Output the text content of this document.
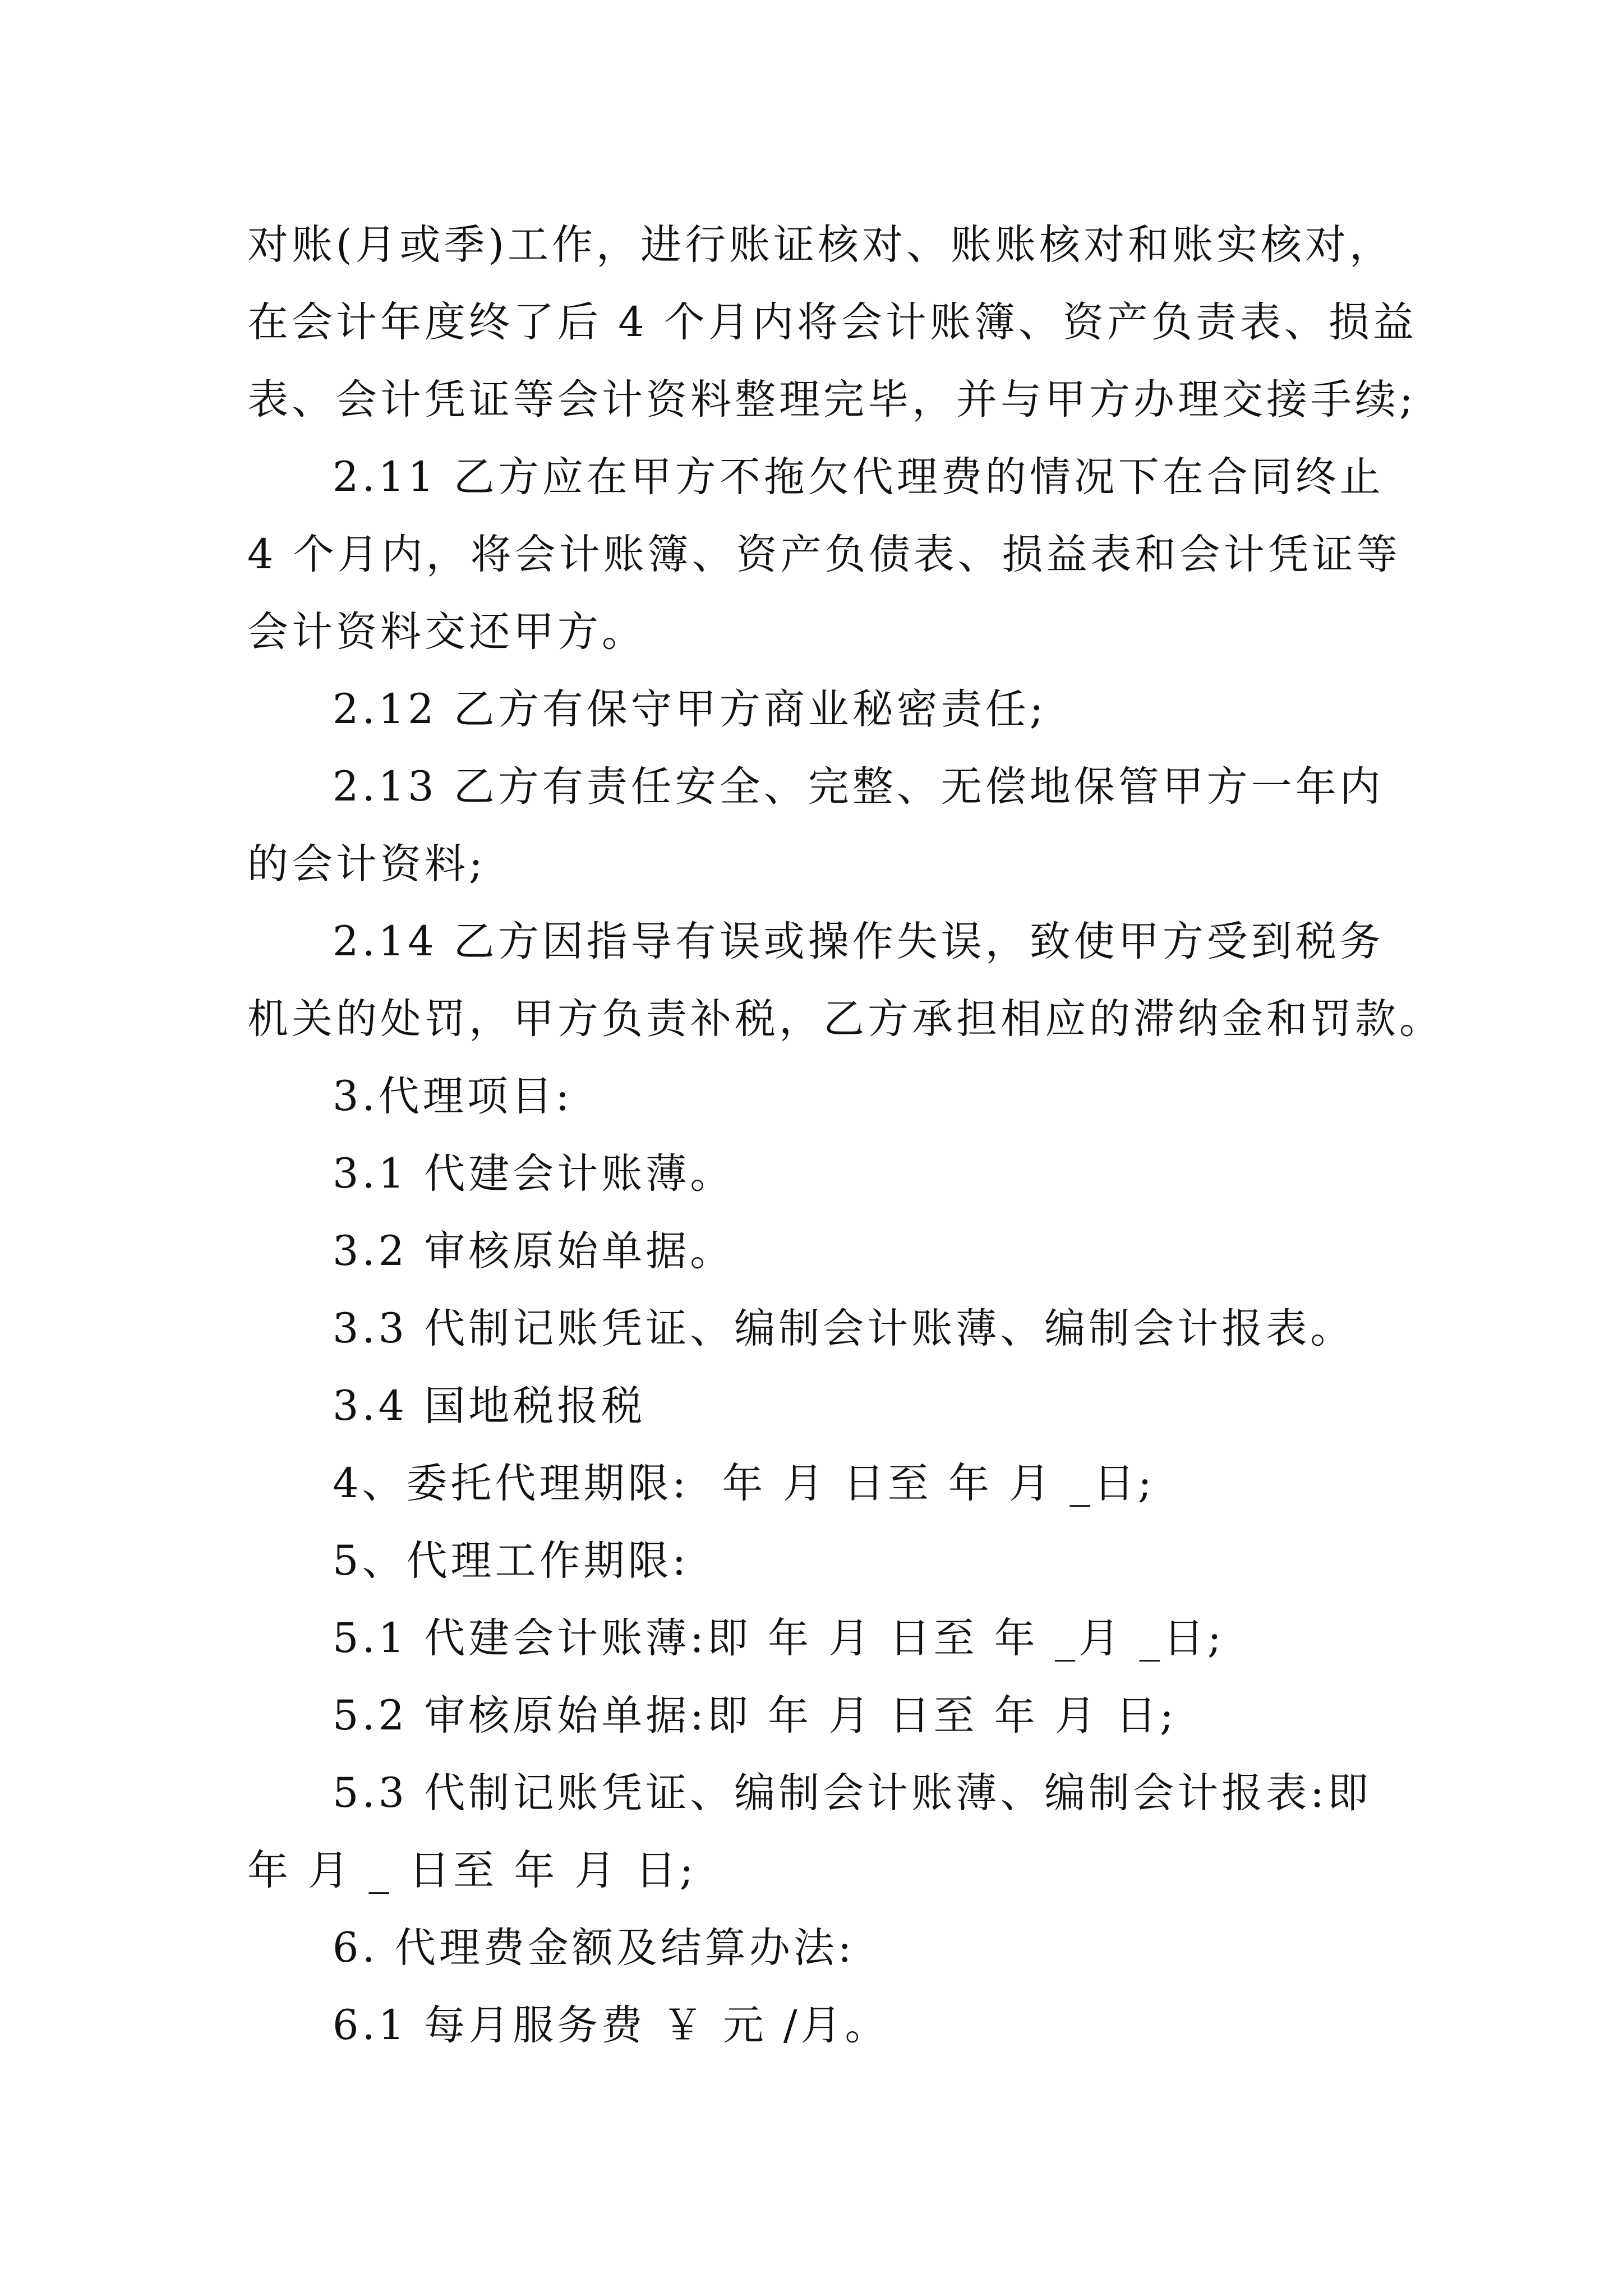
对账(月或季)工作，进行账证核对、账账核对和账实核对，
在会计年度终了后 4 个月内将会计账簿、资产负责表、损益
表、会计凭证等会计资料整理完毕，并与甲方办理交接手续;
2.11 乙方应在甲方不拖欠代理费的情况下在合同终止
4 个月内，将会计账簿、资产负债表、损益表和会计凭证等
会计资料交还甲方。
2.12 乙方有保守甲方商业秘密责任;
2.13 乙方有责任安全、完整、无偿地保管甲方一年内
的会计资料;
2.14 乙方因指导有误或操作失误，致使甲方受到税务
机关的处罚，甲方负责补税，乙方承担相应的滞纳金和罚款。
3.代理项目:
3.1 代建会计账薄。
3.2 审核原始单据。
3.3 代制记账凭证、编制会计账薄、编制会计报表。
3.4 国地税报税
4、委托代理期限:  年 月 日至 年 月 _日;
5、代理工作期限:
5.1 代建会计账薄:即 年 月 日至 年 _月 _日;
5.2 审核原始单据:即 年 月 日至 年 月 日;
5.3 代制记账凭证、编制会计账薄、编制会计报表:即
年 月 _ 日至 年 月 日;
6. 代理费金额及结算办法:
6.1 每月服务费 ￥ 元 /月。
